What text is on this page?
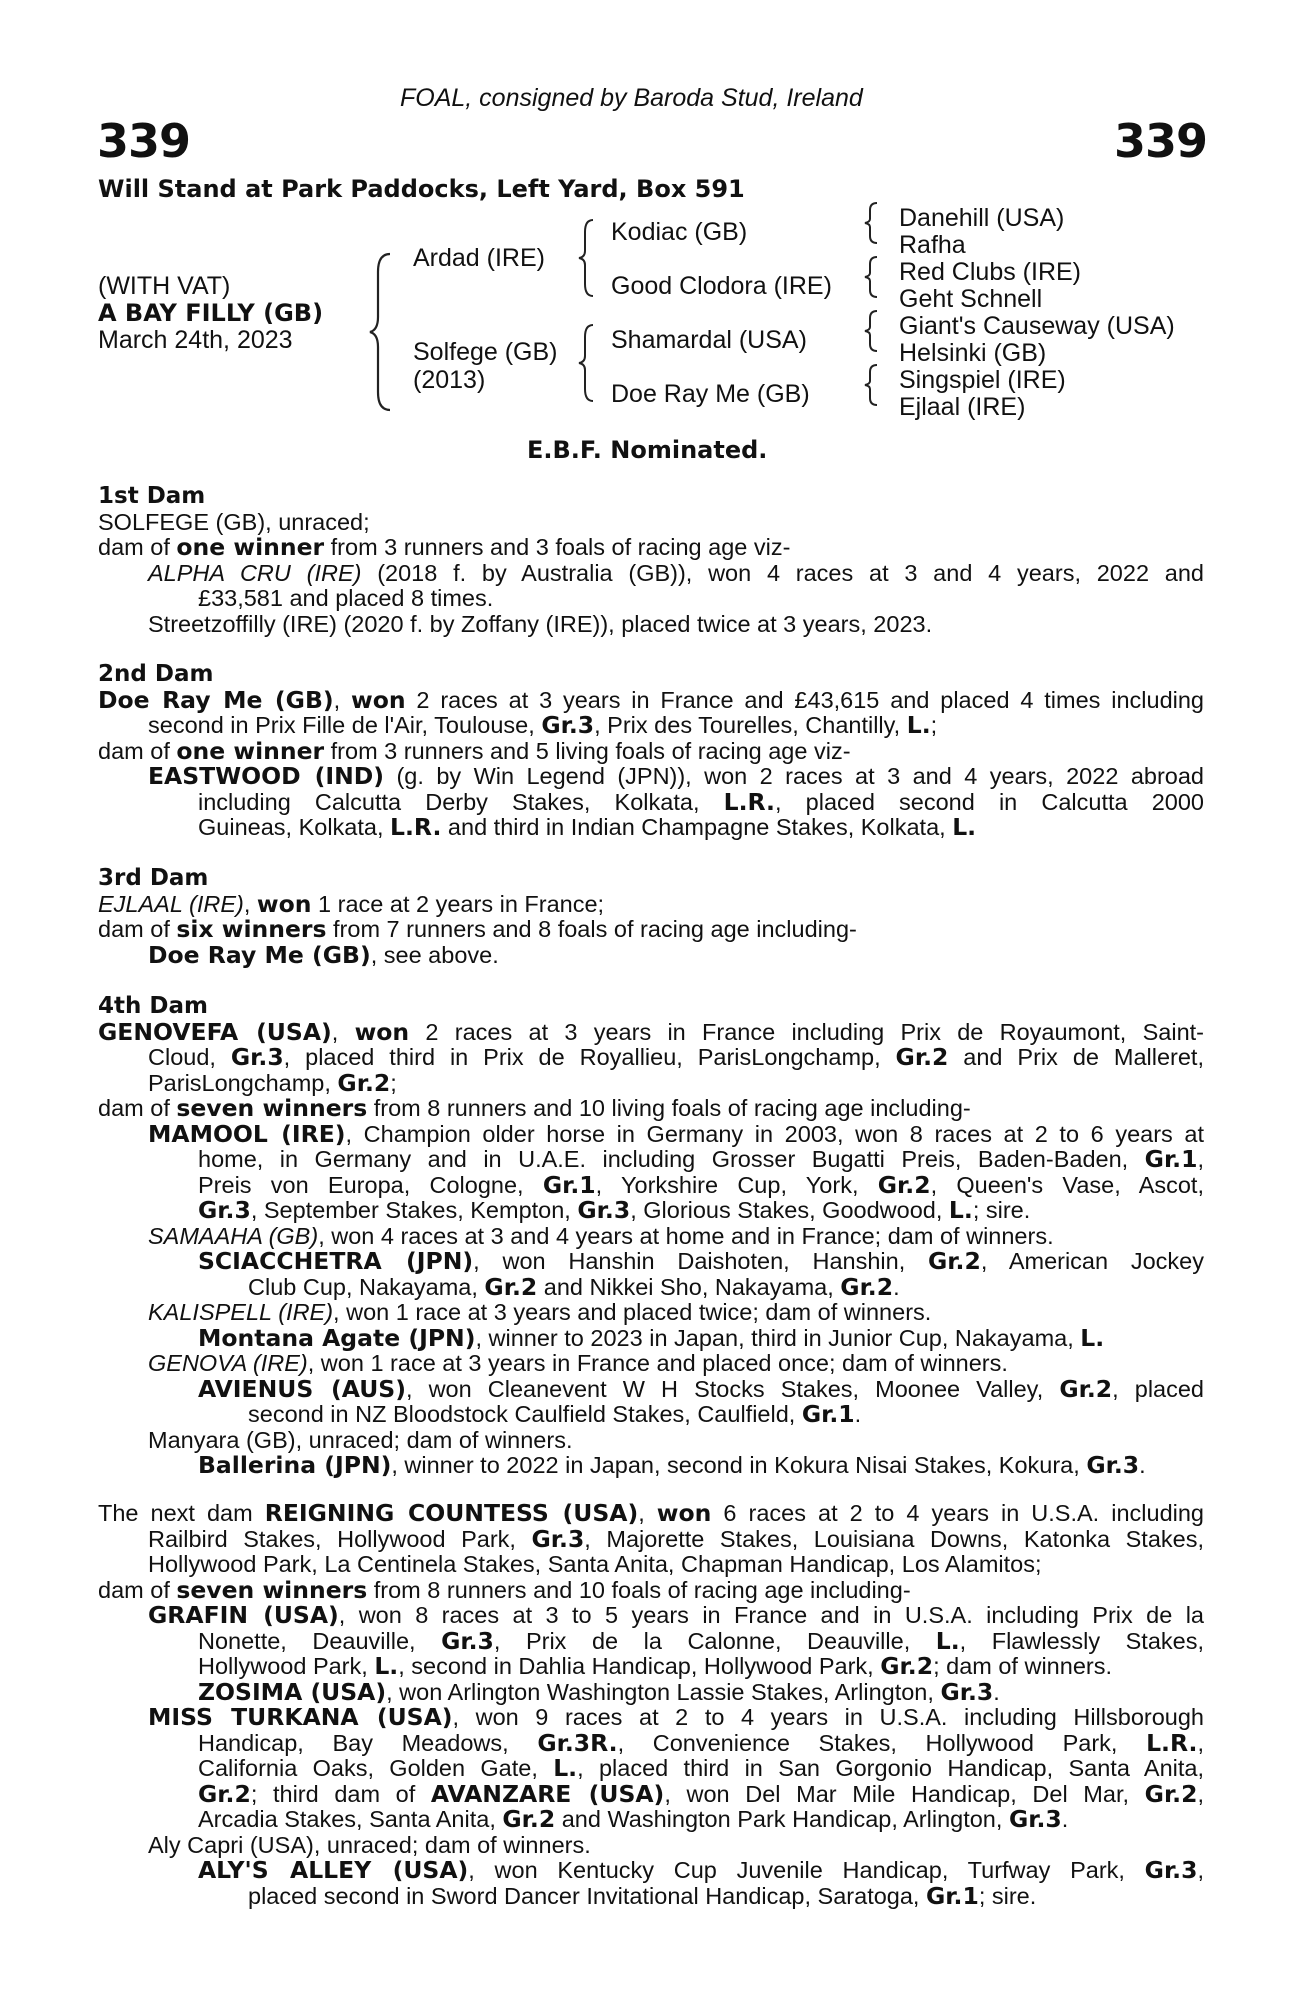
FOAL, consigned by Baroda Stud, Ireland
339	339
Will Stand at Park Paddocks, Left Yard, Box 591
(WITH VAT)
A BAY FILLY (GB)
March 24th, 2023
Ardad (IRE)
Solfege (GB)
(2013)
Kodiac (GB)
Good Clodora (IRE)
Shamardal (USA)
Doe Ray Me (GB)
Danehill (USA)
Rafha
Red Clubs (IRE)
Geht Schnell
Giant's Causeway (USA)
Helsinki (GB)
Singspiel (IRE)
Ejlaal (IRE)
E.B.F. Nominated.
1st Dam
SOLFEGE (GB), unraced;
dam of one winner from 3 runners and 3 foals of racing age viz-
ALPHA CRU (IRE) (2018 f. by Australia (GB)), won 4 races at 3 and 4 years, 2022 and
£33,581 and placed 8 times.
Streetzoffilly (IRE) (2020 f. by Zoffany (IRE)), placed twice at 3 years, 2023.
2nd Dam
Doe Ray Me (GB), won 2 races at 3 years in France and £43,615 and placed 4 times including
second in Prix Fille de l'Air, Toulouse, Gr.3, Prix des Tourelles, Chantilly, L.;
dam of one winner from 3 runners and 5 living foals of racing age viz-
EASTWOOD (IND) (g. by Win Legend (JPN)), won 2 races at 3 and 4 years, 2022 abroad
including Calcutta Derby Stakes, Kolkata, L.R., placed second in Calcutta 2000
Guineas, Kolkata, L.R. and third in Indian Champagne Stakes, Kolkata, L.
3rd Dam
EJLAAL (IRE), won 1 race at 2 years in France;
dam of six winners from 7 runners and 8 foals of racing age including-
Doe Ray Me (GB), see above.
4th Dam
GENOVEFA (USA), won 2 races at 3 years in France including Prix de Royaumont, Saint-
Cloud, Gr.3, placed third in Prix de Royallieu, ParisLongchamp, Gr.2 and Prix de Malleret,
ParisLongchamp, Gr.2;
dam of seven winners from 8 runners and 10 living foals of racing age including-
MAMOOL (IRE), Champion older horse in Germany in 2003, won 8 races at 2 to 6 years at
home, in Germany and in U.A.E. including Grosser Bugatti Preis, Baden-Baden, Gr.1,
Preis von Europa, Cologne, Gr.1, Yorkshire Cup, York, Gr.2, Queen's Vase, Ascot,
Gr.3, September Stakes, Kempton, Gr.3, Glorious Stakes, Goodwood, L.; sire.
SAMAAHA (GB), won 4 races at 3 and 4 years at home and in France; dam of winners.
SCIACCHETRA (JPN), won Hanshin Daishoten, Hanshin, Gr.2, American Jockey
Club Cup, Nakayama, Gr.2 and Nikkei Sho, Nakayama, Gr.2.
KALISPELL (IRE), won 1 race at 3 years and placed twice; dam of winners.
Montana Agate (JPN), winner to 2023 in Japan, third in Junior Cup, Nakayama, L.
GENOVA (IRE), won 1 race at 3 years in France and placed once; dam of winners.
AVIENUS (AUS), won Cleanevent W H Stocks Stakes, Moonee Valley, Gr.2, placed
second in NZ Bloodstock Caulfield Stakes, Caulfield, Gr.1.
Manyara (GB), unraced; dam of winners.
Ballerina (JPN), winner to 2022 in Japan, second in Kokura Nisai Stakes, Kokura, Gr.3.
The next dam REIGNING COUNTESS (USA), won 6 races at 2 to 4 years in U.S.A. including
Railbird Stakes, Hollywood Park, Gr.3, Majorette Stakes, Louisiana Downs, Katonka Stakes,
Hollywood Park, La Centinela Stakes, Santa Anita, Chapman Handicap, Los Alamitos;
dam of seven winners from 8 runners and 10 foals of racing age including-
GRAFIN (USA), won 8 races at 3 to 5 years in France and in U.S.A. including Prix de la
Nonette, Deauville, Gr.3, Prix de la Calonne, Deauville, L., Flawlessly Stakes,
Hollywood Park, L., second in Dahlia Handicap, Hollywood Park, Gr.2; dam of winners.
ZOSIMA (USA), won Arlington Washington Lassie Stakes, Arlington, Gr.3.
MISS TURKANA (USA), won 9 races at 2 to 4 years in U.S.A. including Hillsborough
Handicap, Bay Meadows, Gr.3R., Convenience Stakes, Hollywood Park, L.R.,
California Oaks, Golden Gate, L., placed third in San Gorgonio Handicap, Santa Anita,
Gr.2; third dam of AVANZARE (USA), won Del Mar Mile Handicap, Del Mar, Gr.2,
Arcadia Stakes, Santa Anita, Gr.2 and Washington Park Handicap, Arlington, Gr.3.
Aly Capri (USA), unraced; dam of winners.
ALY'S ALLEY (USA), won Kentucky Cup Juvenile Handicap, Turfway Park, Gr.3,
placed second in Sword Dancer Invitational Handicap, Saratoga, Gr.1; sire.
